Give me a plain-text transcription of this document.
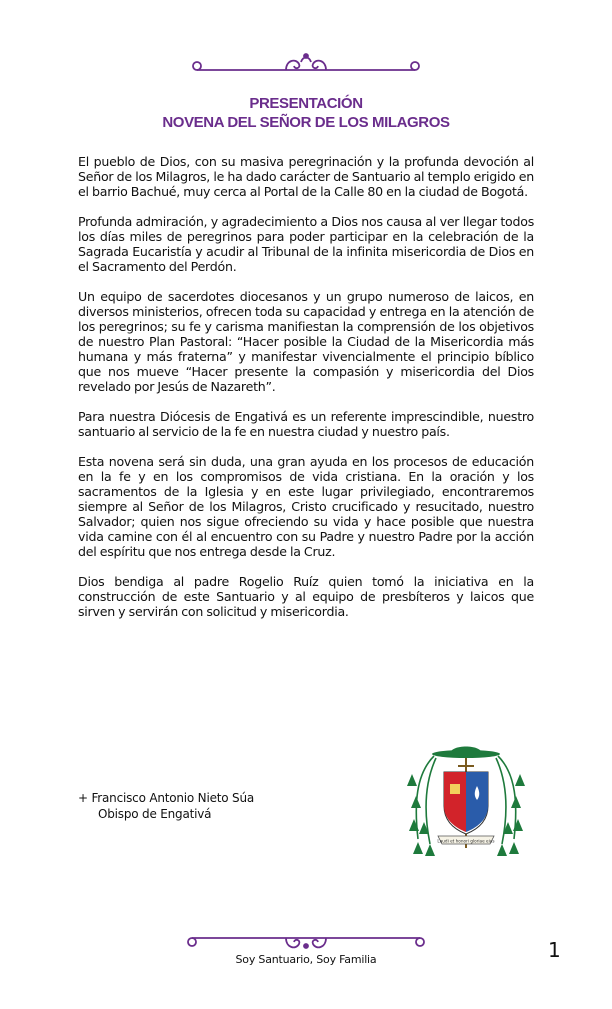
PRESENTACIÓN
NOVENA DEL SEÑOR DE LOS MILAGROS

El pueblo de Dios, con su masiva peregrinación y la profunda devoción al Señor de los Milagros, le ha dado carácter de Santuario al templo erigido en el barrio Bachué, muy cerca al Portal de la Calle 80 en la ciudad de Bogotá.

Profunda admiración, y agradecimiento a Dios nos causa al ver llegar todos los días miles de peregrinos para poder participar en la celebración de la Sagrada Eucaristía y acudir al Tribunal de la infinita misericordia de Dios en el Sacramento del Perdón.

Un equipo de sacerdotes diocesanos y un grupo numeroso de laicos, en diversos ministerios, ofrecen toda su capacidad y entrega en la atención de los peregrinos; su fe y carisma manifiestan la comprensión de los objetivos de nuestro Plan Pastoral: “Hacer posible la Ciudad de la Misericordia más humana y más fraterna” y manifestar vivencialmente el principio bíblico que nos mueve “Hacer presente la compasión y misericordia del Dios revelado por Jesús de Nazareth”.

Para nuestra Diócesis de Engativá es un referente imprescindible, nuestro santuario al servicio de la fe en nuestra ciudad y nuestro país.

Esta novena será sin duda, una gran ayuda en los procesos de educación en la fe y en los compromisos de vida cristiana. En la oración y los sacramentos de la Iglesia y en este lugar privilegiado, encontraremos siempre al Señor de los Milagros, Cristo crucificado y resucitado, nuestro Salvador; quien nos sigue ofreciendo su vida y hace posible que nuestra vida camine con él al encuentro con su Padre y nuestro Padre por la acción del espíritu que nos entrega desde la Cruz.

Dios bendiga al padre Rogelio Ruíz quien tomó la iniciativa en la construcción de este Santuario y al equipo de presbíteros y laicos que sirven y servirán con solicitud y misericordia.

+ Francisco Antonio Nieto Súa
Obispo de Engativá
Laudi et honori gloriae eius
Soy Santuario, Soy Familia	1
